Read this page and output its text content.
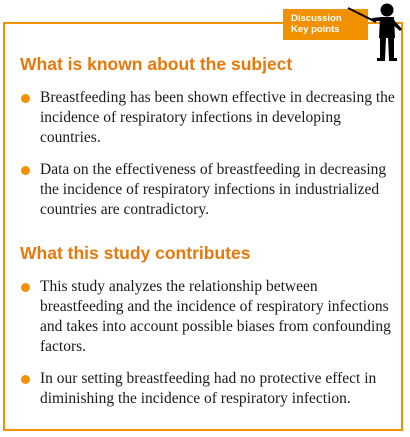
Discussion
Key points
What is known about the subject
Breastfeeding has been shown effective in decreasing the incidence of respiratory infections in developing countries.
Data on the effectiveness of breastfeeding in decreasing the incidence of respiratory infections in industrialized countries are contradictory.
What this study contributes
This study analyzes the relationship between breastfeeding and the incidence of respiratory infections and takes into account possible biases from confounding factors.
In our setting breastfeeding had no protective effect in diminishing the incidence of respiratory infection.
